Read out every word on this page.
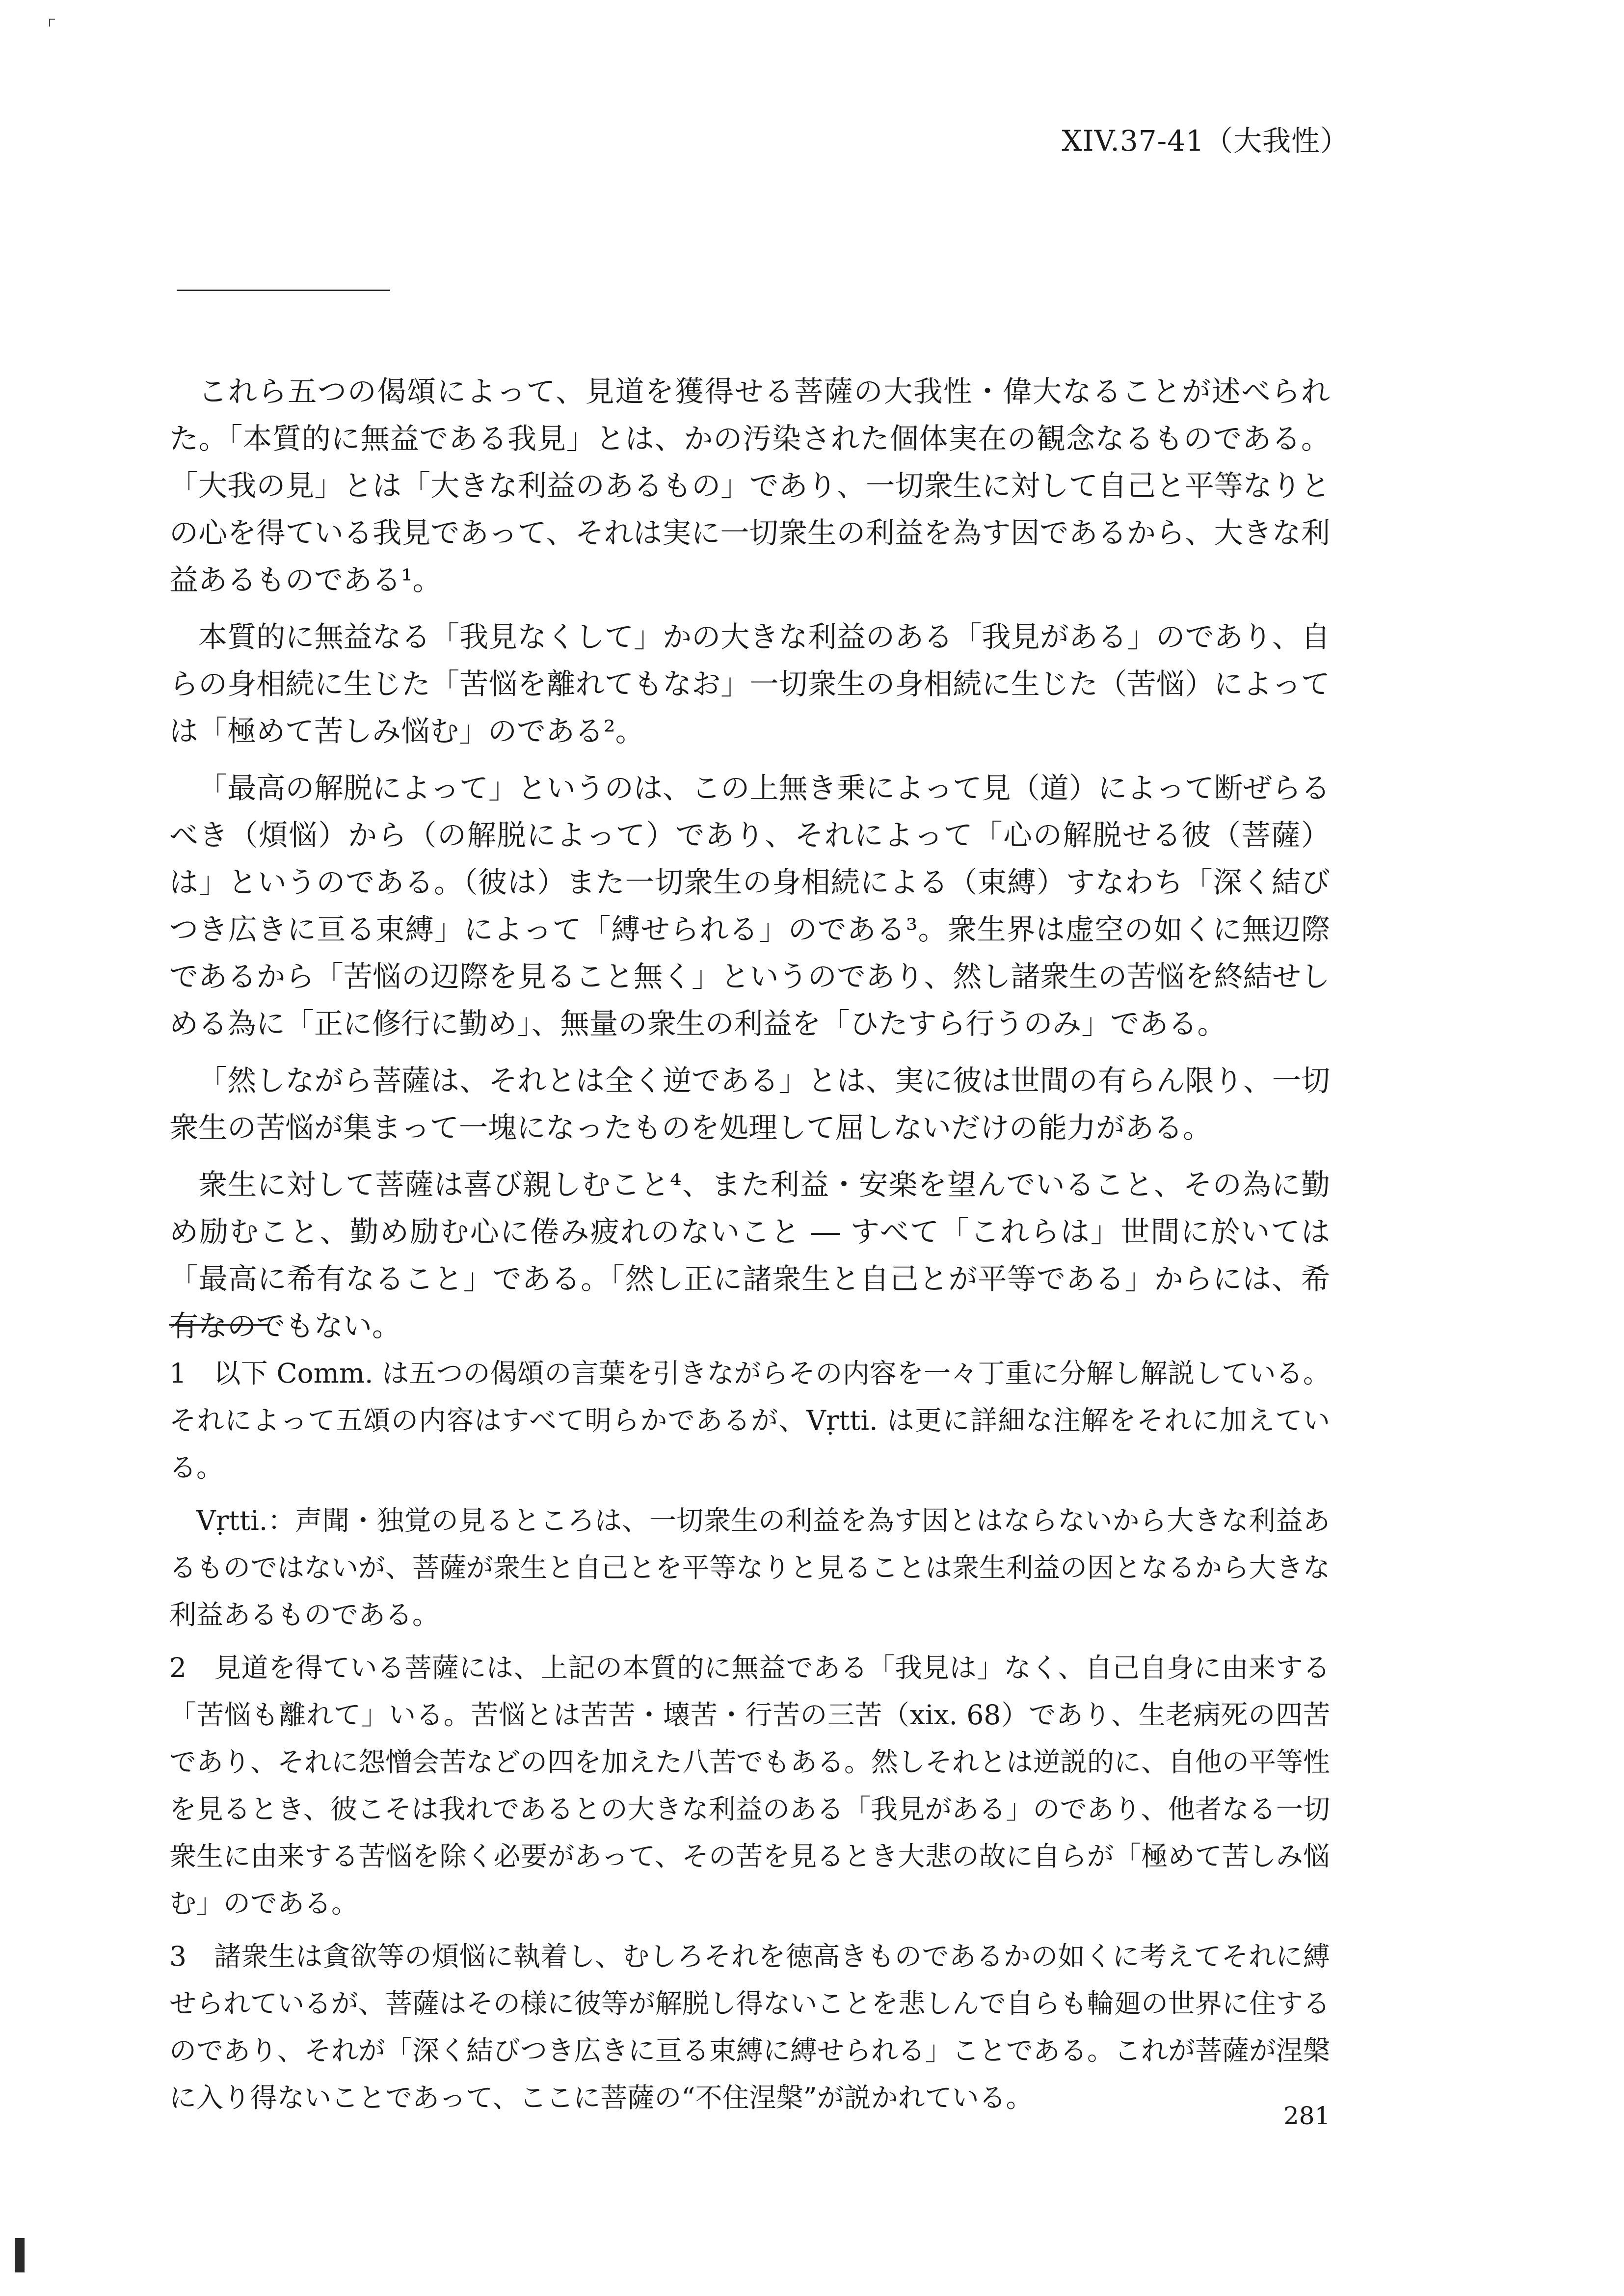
XIV.37-41（大我性）

これら五つの偈頌によって、見道を獲得せる菩薩の大我性・偉大なることが述べられた。「本質的に無益である我見」とは、かの汚染された個体実在の観念なるものである。「大我の見」とは「大きな利益のあるもの」であり、一切衆生に対して自己と平等なりとの心を得ている我見であって、それは実に一切衆生の利益を為す因であるから、大きな利益あるものである¹。

本質的に無益なる「我見なくして」かの大きな利益のある「我見がある」のであり、自らの身相続に生じた「苦悩を離れてもなお」一切衆生の身相続に生じた（苦悩）によっては「極めて苦しみ悩む」のである²。

「最高の解脱によって」というのは、この上無き乗によって見（道）によって断ぜらるべき（煩悩）から（の解脱によって）であり、それによって「心の解脱せる彼（菩薩）は」というのである。（彼は）また一切衆生の身相続による（束縛）すなわち「深く結びつき広きに亘る束縛」によって「縛せられる」のである³。衆生界は虚空の如くに無辺際であるから「苦悩の辺際を見ること無く」というのであり、然し諸衆生の苦悩を終結せしめる為に「正に修行に勤め」、無量の衆生の利益を「ひたすら行うのみ」である。

「然しながら菩薩は、それとは全く逆である」とは、実に彼は世間の有らん限り、一切衆生の苦悩が集まって一塊になったものを処理して屈しないだけの能力がある。

衆生に対して菩薩は喜び親しむこと⁴、また利益・安楽を望んでいること、その為に勤め励むこと、勤め励む心に倦み疲れのないこと ― すべて「これらは」世間に於いては「最高に希有なること」である。「然し正に諸衆生と自己とが平等である」からには、希有なのでもない。

1　以下 Comm. は五つの偈頌の言葉を引きながらその内容を一々丁重に分解し解説している。それによって五頌の内容はすべて明らかであるが、Vṛtti. は更に詳細な注解をそれに加えている。

Vṛtti.：声聞・独覚の見るところは、一切衆生の利益を為す因とはならないから大きな利益あるものではないが、菩薩が衆生と自己とを平等なりと見ることは衆生利益の因となるから大きな利益あるものである。

2　見道を得ている菩薩には、上記の本質的に無益である「我見は」なく、自己自身に由来する「苦悩も離れて」いる。苦悩とは苦苦・壊苦・行苦の三苦（xix. 68）であり、生老病死の四苦であり、それに怨憎会苦などの四を加えた八苦でもある。然しそれとは逆説的に、自他の平等性を見るとき、彼こそは我れであるとの大きな利益のある「我見がある」のであり、他者なる一切衆生に由来する苦悩を除く必要があって、その苦を見るとき大悲の故に自らが「極めて苦しみ悩む」のである。

3　諸衆生は貪欲等の煩悩に執着し、むしろそれを徳高きものであるかの如くに考えてそれに縛せられているが、菩薩はその様に彼等が解脱し得ないことを悲しんで自らも輪廻の世界に住するのであり、それが「深く結びつき広きに亘る束縛に縛せられる」ことである。これが菩薩が涅槃に入り得ないことであって、ここに菩薩の“不住涅槃”が説かれている。

281
